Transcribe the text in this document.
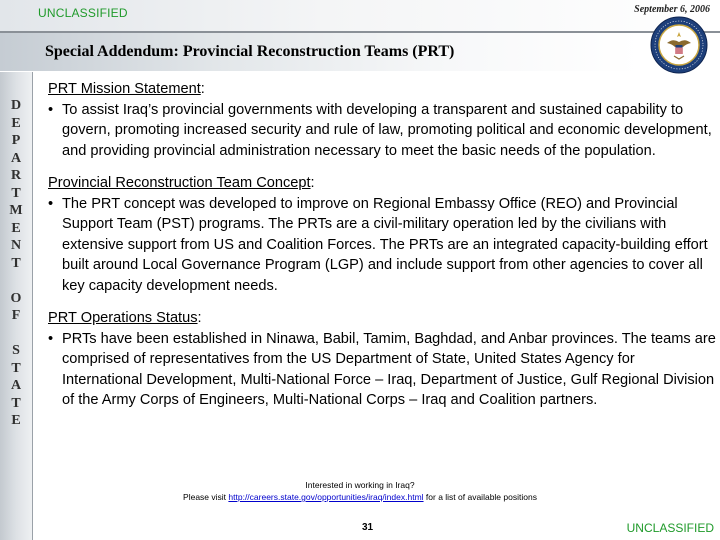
UNCLASSIFIED	September 6, 2006
Special Addendum: Provincial Reconstruction Teams (PRT)
D
E
P
A
R
T
M
E
N
T
O
F
S
T
A
T
E
PRT Mission Statement:
• To assist Iraq’s provincial governments with developing a transparent and sustained capability to govern, promoting increased security and rule of law, promoting political and economic development, and providing provincial administration necessary to meet the basic needs of the population.
Provincial Reconstruction Team Concept:
• The PRT concept was developed to improve on Regional Embassy Office (REO) and Provincial Support Team (PST) programs. The PRTs are a civil-military operation led by the civilians with extensive support from US and Coalition Forces. The PRTs are an integrated capacity-building effort built around Local Governance Program (LGP) and include support from other agencies to cover all key capacity development needs.
PRT Operations Status:
• PRTs have been established in Ninawa, Babil, Tamim, Baghdad, and Anbar provinces. The teams are comprised of representatives from the US Department of State, United States Agency for International Development, Multi-National Force – Iraq, Department of Justice, Gulf Regional Division of the Army Corps of Engineers, Multi-National Corps – Iraq and Coalition partners.
Interested in working in Iraq?
Please visit http://careers.state.gov/opportunities/iraq/index.html for a list of available positions
31	UNCLASSIFIED
